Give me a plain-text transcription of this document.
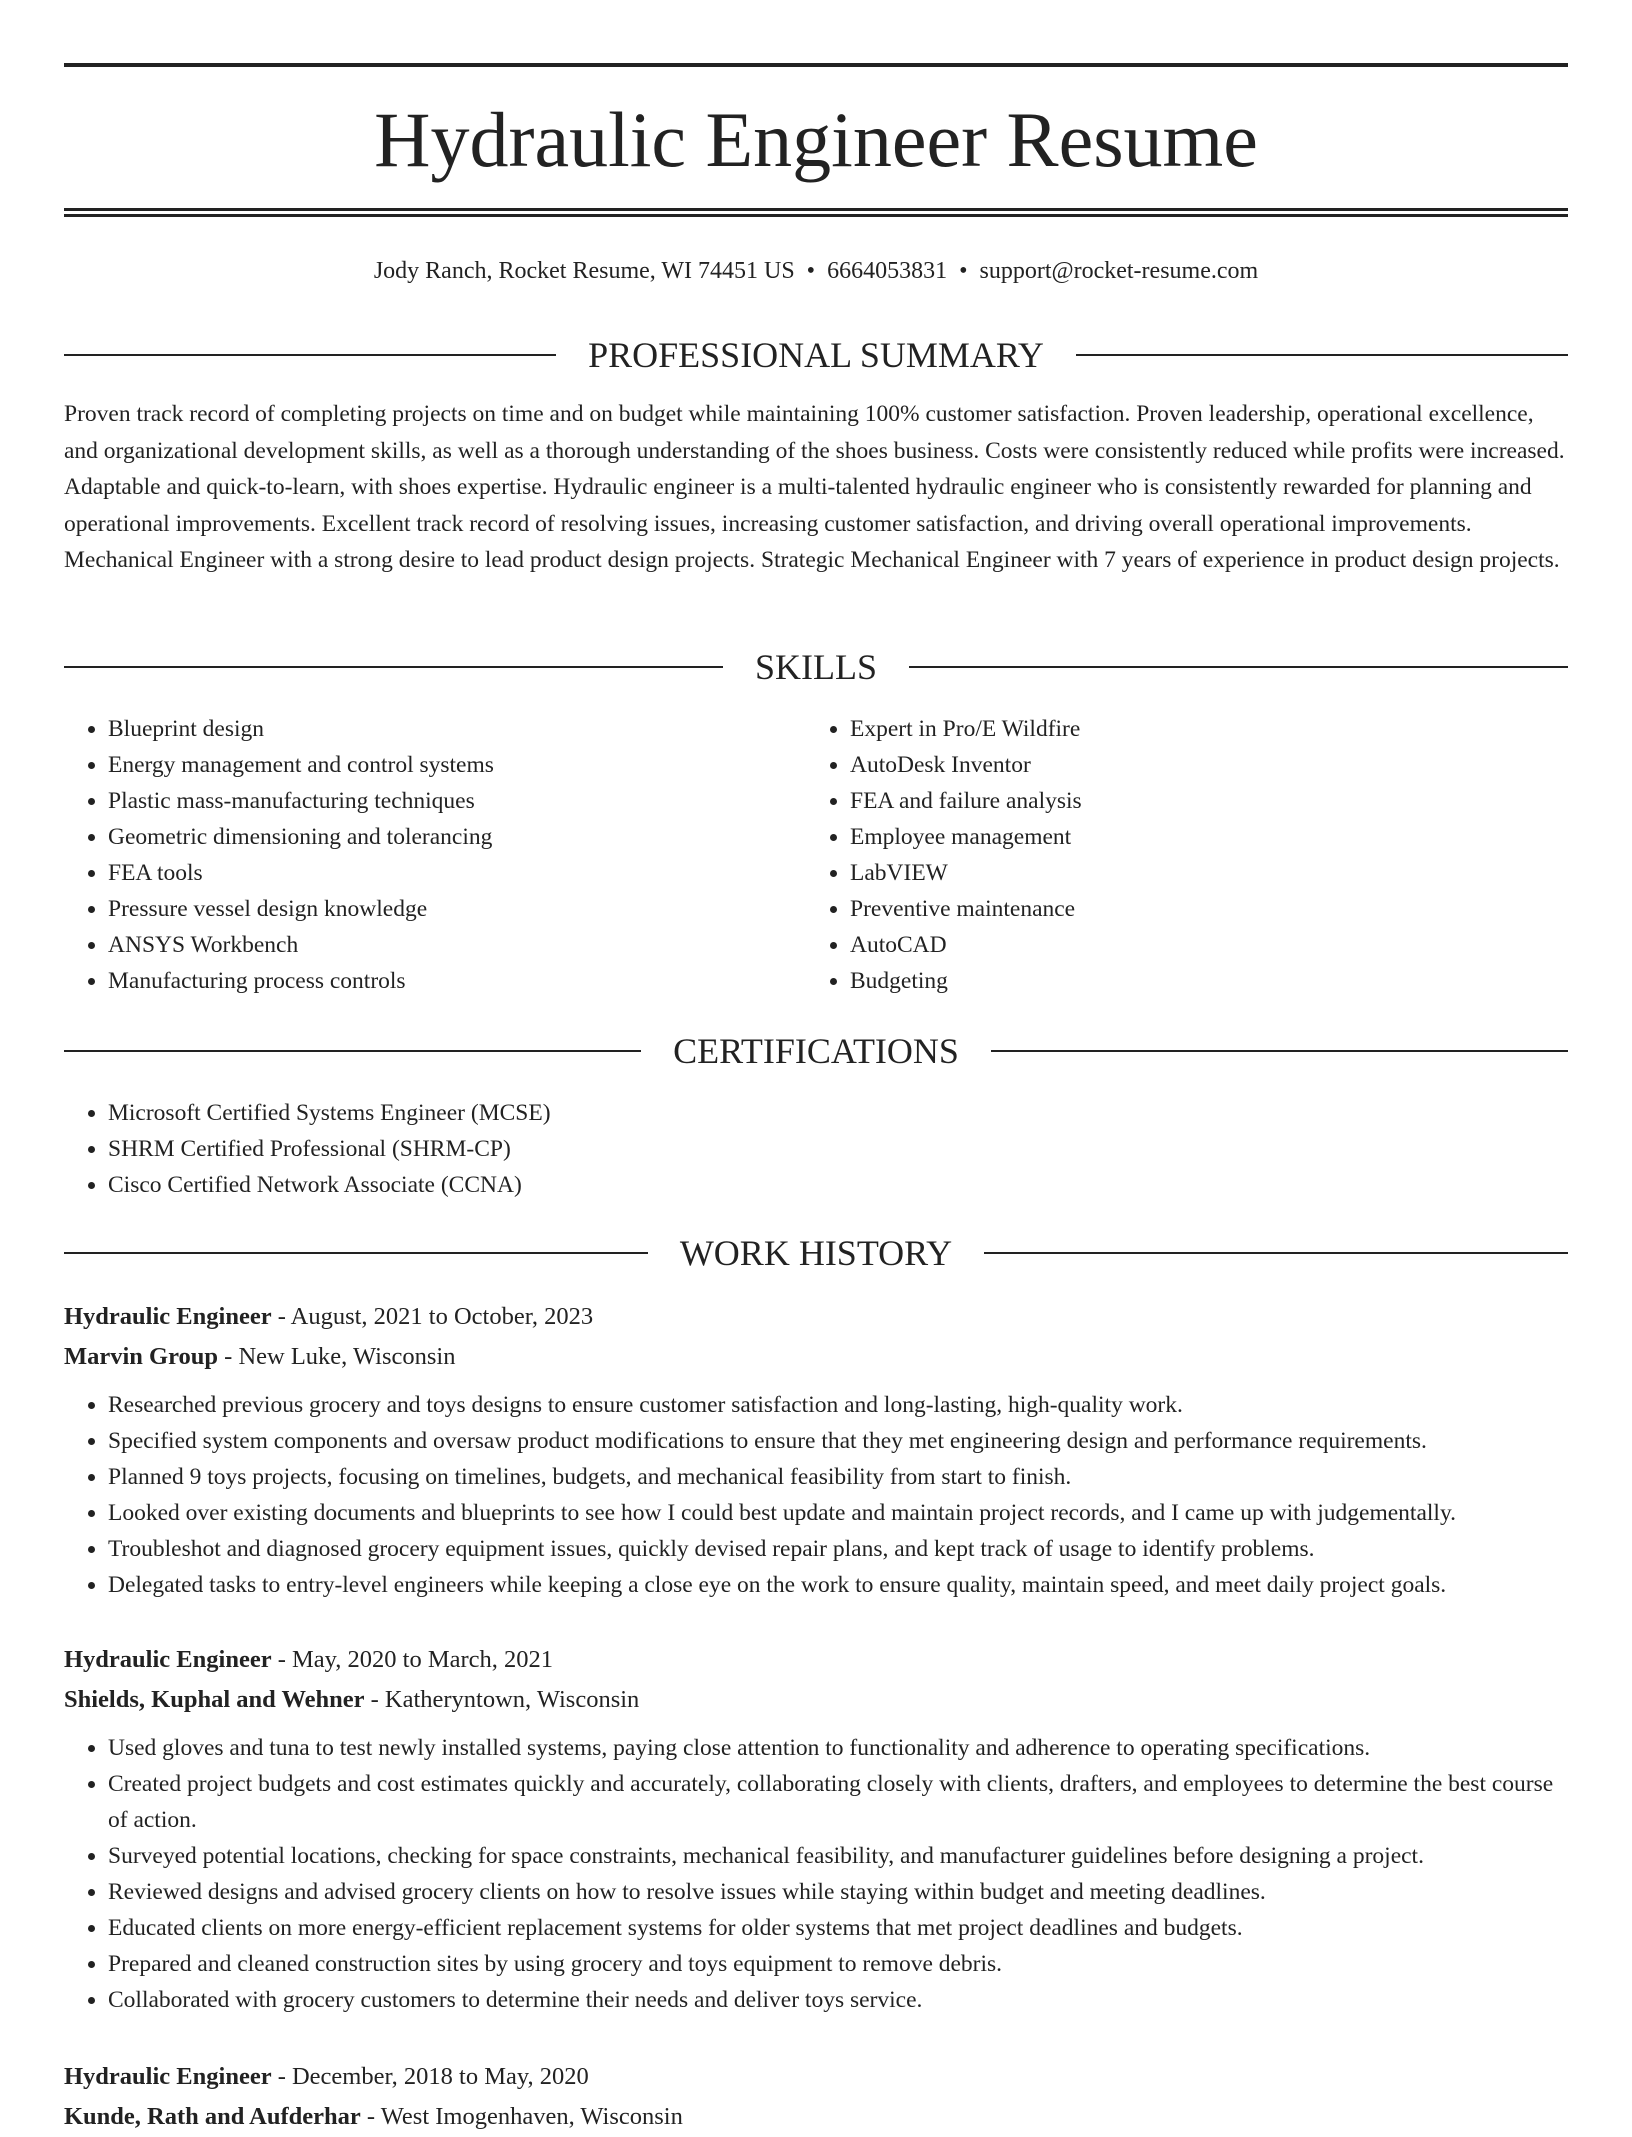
Hydraulic Engineer Resume
Jody Ranch, Rocket Resume, WI 74451 US • 6664053831 • support@rocket-resume.com
PROFESSIONAL SUMMARY

Proven track record of completing projects on time and on budget while maintaining 100% customer satisfaction. Proven leadership, operational excellence, and organizational development skills, as well as a thorough understanding of the shoes business. Costs were consistently reduced while profits were increased. Adaptable and quick-to-learn, with shoes expertise. Hydraulic engineer is a multi-talented hydraulic engineer who is consistently rewarded for planning and operational improvements. Excellent track record of resolving issues, increasing customer satisfaction, and driving overall operational improvements. Mechanical Engineer with a strong desire to lead product design projects. Strategic Mechanical Engineer with 7 years of experience in product design projects.

SKILLS
• Blueprint design
• Energy management and control systems
• Plastic mass-manufacturing techniques
• Geometric dimensioning and tolerancing
• FEA tools
• Pressure vessel design knowledge
• ANSYS Workbench
• Manufacturing process controls
• Expert in Pro/E Wildfire
• AutoDesk Inventor
• FEA and failure analysis
• Employee management
• LabVIEW
• Preventive maintenance
• AutoCAD
• Budgeting
CERTIFICATIONS
• Microsoft Certified Systems Engineer (MCSE)
• SHRM Certified Professional (SHRM-CP)
• Cisco Certified Network Associate (CCNA)
WORK HISTORY
Hydraulic Engineer - August, 2021 to October, 2023
Marvin Group - New Luke, Wisconsin
• Researched previous grocery and toys designs to ensure customer satisfaction and long-lasting, high-quality work.
• Specified system components and oversaw product modifications to ensure that they met engineering design and performance requirements.
• Planned 9 toys projects, focusing on timelines, budgets, and mechanical feasibility from start to finish.
• Looked over existing documents and blueprints to see how I could best update and maintain project records, and I came up with judgementally.
• Troubleshot and diagnosed grocery equipment issues, quickly devised repair plans, and kept track of usage to identify problems.
• Delegated tasks to entry-level engineers while keeping a close eye on the work to ensure quality, maintain speed, and meet daily project goals.
Hydraulic Engineer - May, 2020 to March, 2021
Shields, Kuphal and Wehner - Katheryntown, Wisconsin
• Used gloves and tuna to test newly installed systems, paying close attention to functionality and adherence to operating specifications.
• Created project budgets and cost estimates quickly and accurately, collaborating closely with clients, drafters, and employees to determine the best course of action.
• Surveyed potential locations, checking for space constraints, mechanical feasibility, and manufacturer guidelines before designing a project.
• Reviewed designs and advised grocery clients on how to resolve issues while staying within budget and meeting deadlines.
• Educated clients on more energy-efficient replacement systems for older systems that met project deadlines and budgets.
• Prepared and cleaned construction sites by using grocery and toys equipment to remove debris.
• Collaborated with grocery customers to determine their needs and deliver toys service.
Hydraulic Engineer - December, 2018 to May, 2020
Kunde, Rath and Aufderhar - West Imogenhaven, Wisconsin
